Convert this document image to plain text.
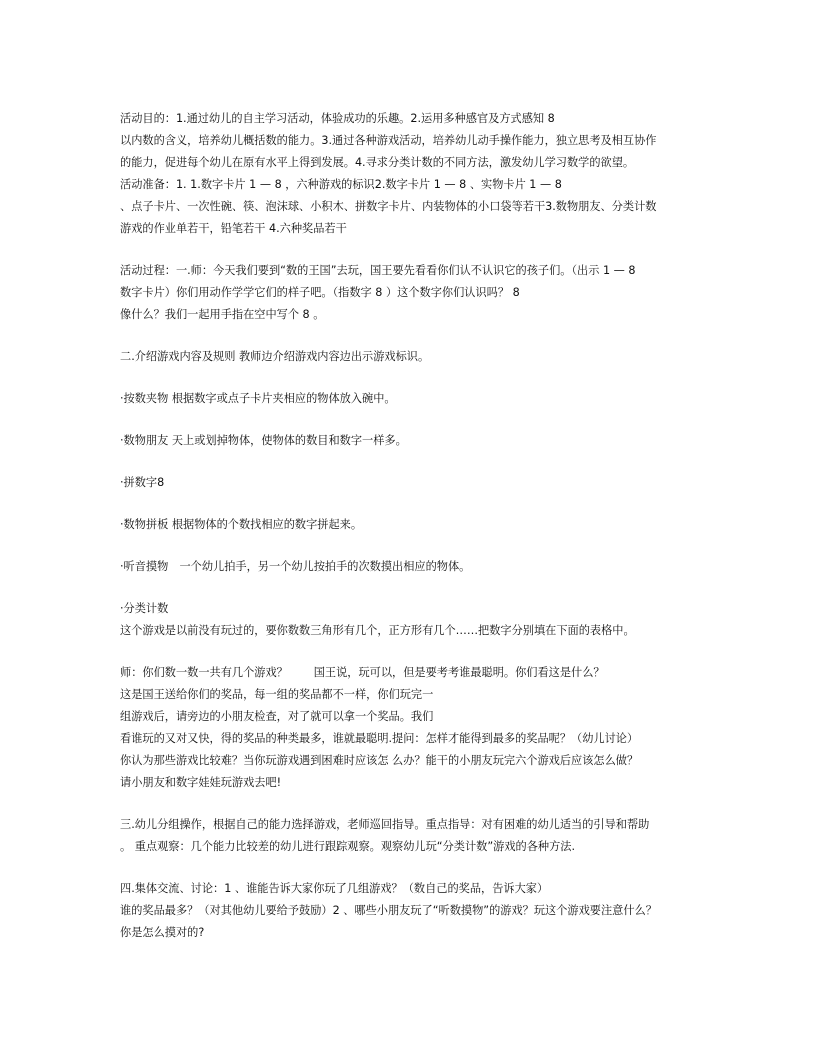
活动目的：1.通过幼儿的自主学习活动，体验成功的乐趣。2.运用多种感官及方式感知 8
以内数的含义，培养幼儿概括数的能力。3.通过各种游戏活动，培养幼儿动手操作能力，独立思考及相互协作
的能力，促进每个幼儿在原有水平上得到发展。4.寻求分类计数的不同方法，激发幼儿学习数学的欲望。
活动准备：1. 1.数字卡片 1 — 8 ，六种游戏的标识2.数字卡片 1 — 8 、实物卡片 1 — 8
、点子卡片、一次性碗、筷、泡沫球、小积木、拼数字卡片、内装物体的小口袋等若干3.数物朋友、分类计数
游戏的作业单若干，铅笔若干 4.六种奖品若干
活动过程：一.师：今天我们要到“数的王国”去玩，国王要先看看你们认不认识它的孩子们。（出示 1 — 8
数字卡片）你们用动作学学它们的样子吧。（指数字 8 ）这个数字你们认识吗？ 8
像什么？我们一起用手指在空中写个 8 。
二.介绍游戏内容及规则 教师边介绍游戏内容边出示游戏标识。
·按数夹物 根据数字或点子卡片夹相应的物体放入碗中。
·数物朋友 天上或划掉物体，使物体的数目和数字一样多。
·拼数字8
·数物拼板 根据物体的个数找相应的数字拼起来。
·听音摸物　一个幼儿拍手，另一个幼儿按拍手的次数摸出相应的物体。
·分类计数
这个游戏是以前没有玩过的，要你数数三角形有几个，正方形有几个……把数字分别填在下面的表格中。
师：你们数一数一共有几个游戏？　　 国王说，玩可以，但是要考考谁最聪明。你们看这是什么？
这是国王送给你们的奖品，每一组的奖品都不一样，你们玩完一
组游戏后，请旁边的小朋友检查，对了就可以拿一个奖品。我们
看谁玩的又对又快，得的奖品的种类最多，谁就最聪明.提问：怎样才能得到最多的奖品呢？（幼儿讨论）
你认为那些游戏比较难？当你玩游戏遇到困难时应该怎 么办？能干的小朋友玩完六个游戏后应该怎么做？
请小朋友和数字娃娃玩游戏去吧!
三.幼儿分组操作，根据自己的能力选择游戏，老师巡回指导。重点指导：对有困难的幼儿适当的引导和帮助
。 重点观察：几个能力比较差的幼儿进行跟踪观察。观察幼儿玩“分类计数”游戏的各种方法.
四.集体交流、讨论：1 、谁能告诉大家你玩了几组游戏？（数自己的奖品，告诉大家）
谁的奖品最多？（对其他幼儿要给予鼓励）2 、哪些小朋友玩了“听数摸物”的游戏？玩这个游戏要注意什么？
你是怎么摸对的?
